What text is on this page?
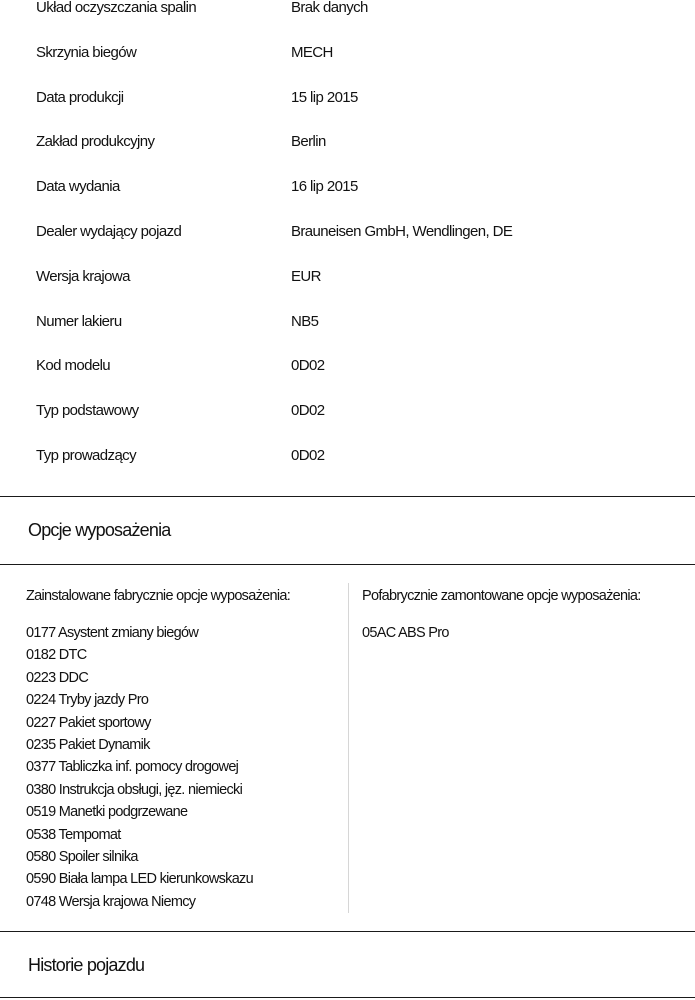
Układ oczyszczania spalin	Brak danych
Skrzynia biegów	MECH
Data produkcji	15 lip 2015
Zakład produkcyjny	Berlin
Data wydania	16 lip 2015
Dealer wydający pojazd	Brauneisen GmbH, Wendlingen, DE
Wersja krajowa	EUR
Numer lakieru	NB5
Kod modelu	0D02
Typ podstawowy	0D02
Typ prowadzący	0D02
Opcje wyposażenia
Zainstalowane fabrycznie opcje wyposażenia:
0177 Asystent zmiany biegów
0182 DTC
0223 DDC
0224 Tryby jazdy Pro
0227 Pakiet sportowy
0235 Pakiet Dynamik
0377 Tabliczka inf. pomocy drogowej
0380 Instrukcja obsługi, jęz. niemiecki
0519 Manetki podgrzewane
0538 Tempomat
0580 Spoiler silnika
0590 Biała lampa LED kierunkowskazu
0748 Wersja krajowa Niemcy
Pofabrycznie zamontowane opcje wyposażenia:
05AC ABS Pro
Historie pojazdu
